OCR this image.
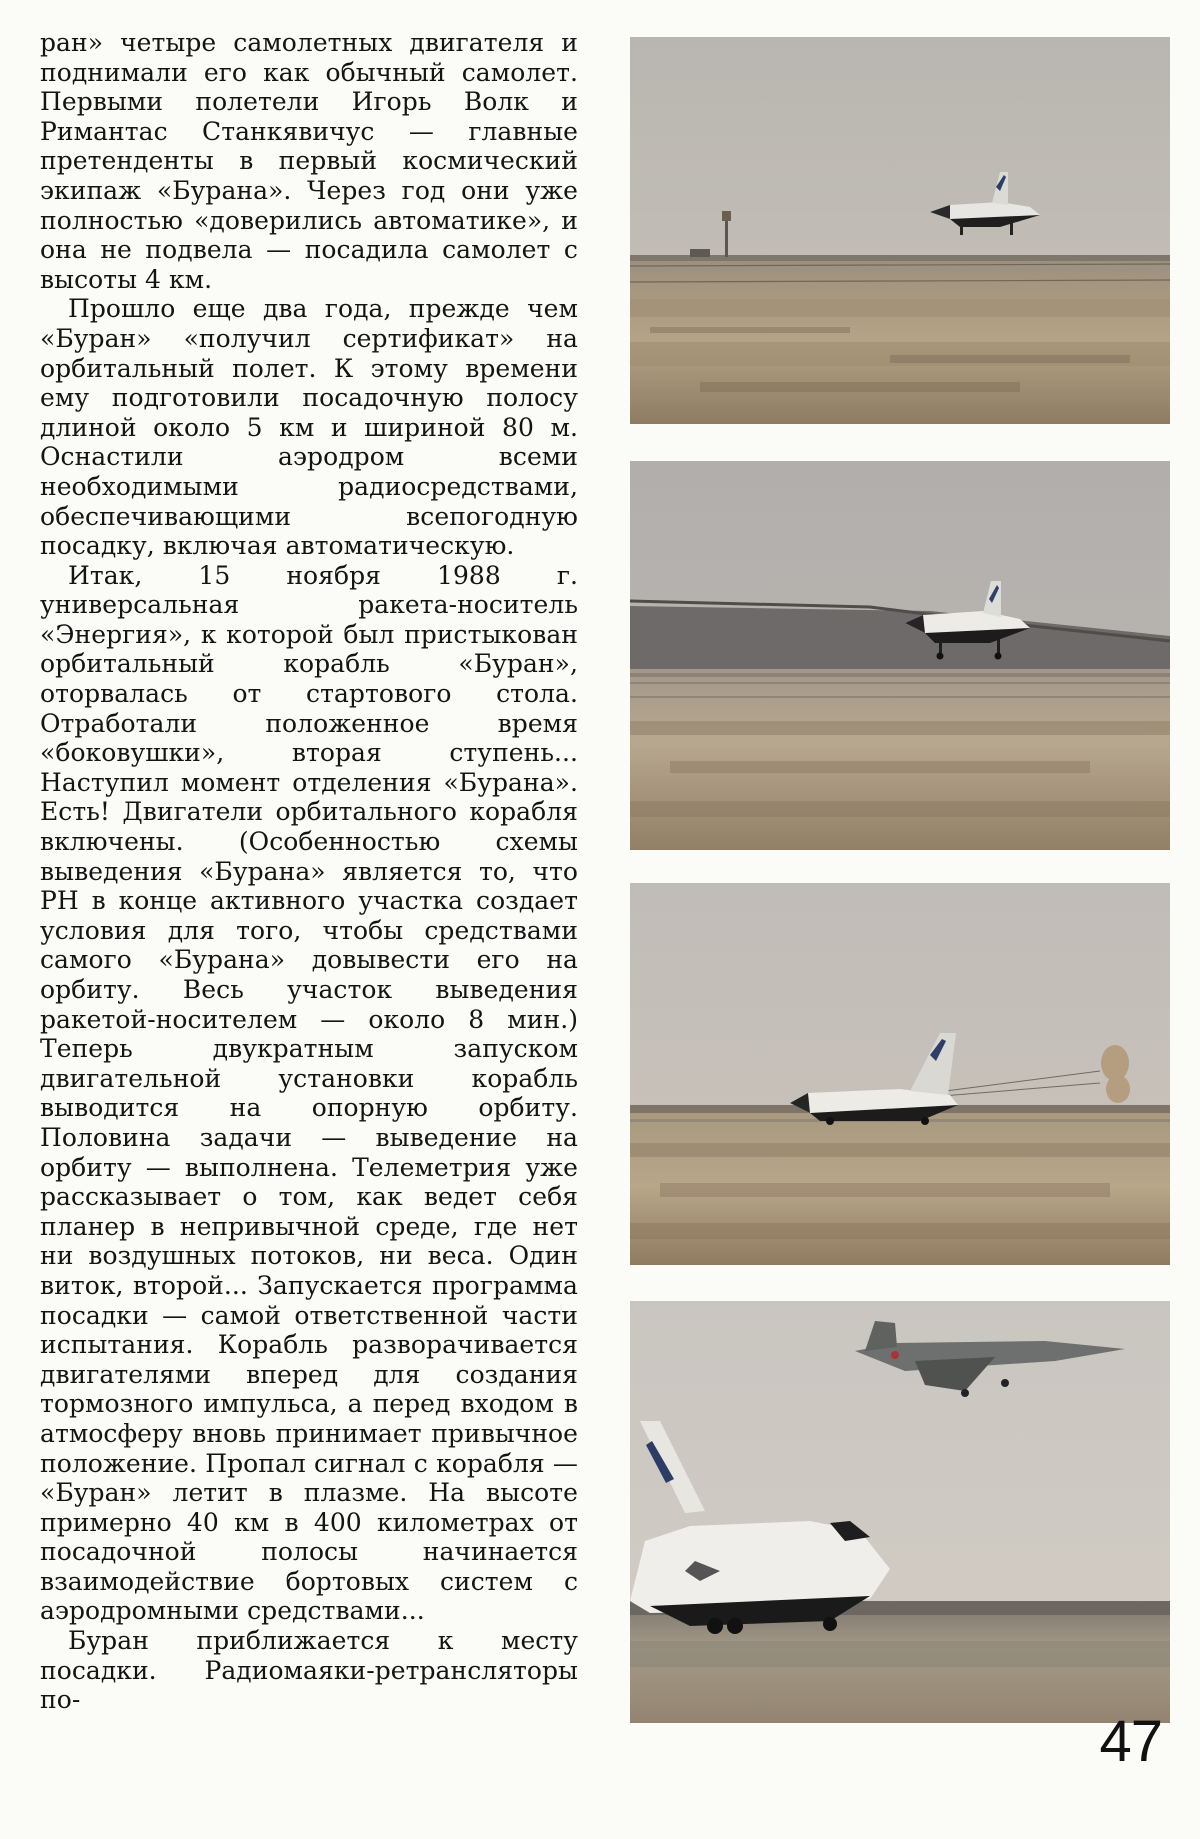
ран» четыре самолетных двигателя и поднимали его как обычный самолет. Первыми полетели Игорь Волк и Римантас Станкявичус — главные претенденты в первый космический экипаж «Бурана». Через год они уже полностью «доверились автоматике», и она не подвела — посадила самолет с высоты 4 км.

Прошло еще два года, прежде чем «Буран» «получил сертификат» на орбитальный полет. К этому времени ему подготовили посадочную полосу длиной около 5 км и шириной 80 м. Оснастили аэродром всеми необходимыми радиосредствами, обеспечивающими всепогодную посадку, включая автоматическую.

Итак, 15 ноября 1988 г. универсальная ракета-носитель «Энергия», к которой был пристыкован орбитальный корабль «Буран», оторвалась от стартового стола. Отработали положенное время «боковушки», вторая ступень... Наступил момент отделения «Бурана». Есть! Двигатели орбитального корабля включены. (Особенностью схемы выведения «Бурана» является то, что РН в конце активного участка создает условия для того, чтобы средствами самого «Бурана» довывести его на орбиту. Весь участок выведения ракетой-носителем — около 8 мин.) Теперь двукратным запуском двигательной установки корабль выводится на опорную орбиту. Половина задачи — выведение на орбиту — выполнена. Телеметрия уже рассказывает о том, как ведет себя планер в непривычной среде, где нет ни воздушных потоков, ни веса. Один виток, второй... Запускается программа посадки — самой ответственной части испытания. Корабль разворачивается двигателями вперед для создания тормозного импульса, а перед входом в атмосферу вновь принимает привычное положение. Пропал сигнал с корабля — «Буран» летит в плазме. На высоте примерно 40 км в 400 километрах от посадочной полосы начинается взаимодействие бортовых систем с аэродромными средствами...

Буран приближается к месту посадки. Радиомаяки-ретрансляторы по-

47
